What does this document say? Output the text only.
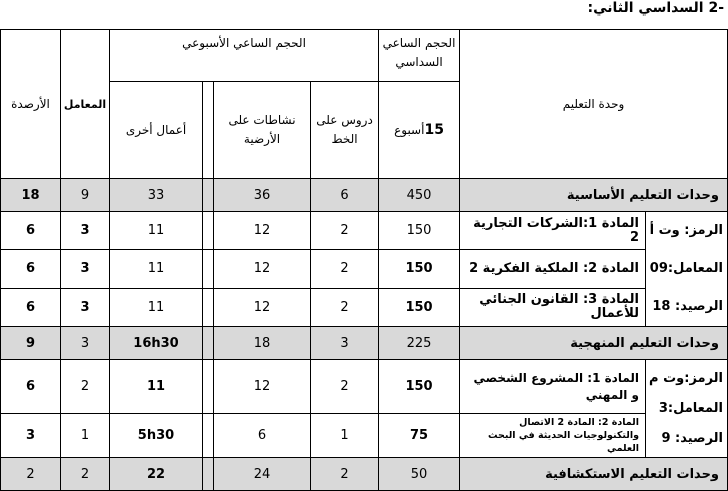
-2 السداسي الثاني:
وحدة التعليم		الحجم الساعي السداسي	الحجم الساعي الأسبوعي				المعامل	الأرصدة
		15أسبوع	دروس على الخط	نشاطات على الأرضية		أعمال أخرى		
وحدات التعليم الأساسية		450	6	36		33	9	18

الرمز: وت أ
المعامل:09
الرصيد: 18	المادة 1:الشركات التجارية 2	150	2	12		11	3	6
	المادة 2: الملكية الفكرية 2	150	2	12		11	3	6
	المادة 3: القانون الجنائي للأعمال	150	2	12		11	3	6
وحدات التعليم المنهجية		225	3	18		16h30	3	9

الرمز:وت م
المعامل:3
الرصيد: 9	المادة 1: المشروع الشخصي و المهني	150	2	12		11	2	6
	المادة 2: المادة 2 الاتصال والتكنولوجيات الحديثة في البحث العلمي	75	1	6		5h30	1	3
وحدات التعليم الاستكشافية		50	2	24		22	2	2
